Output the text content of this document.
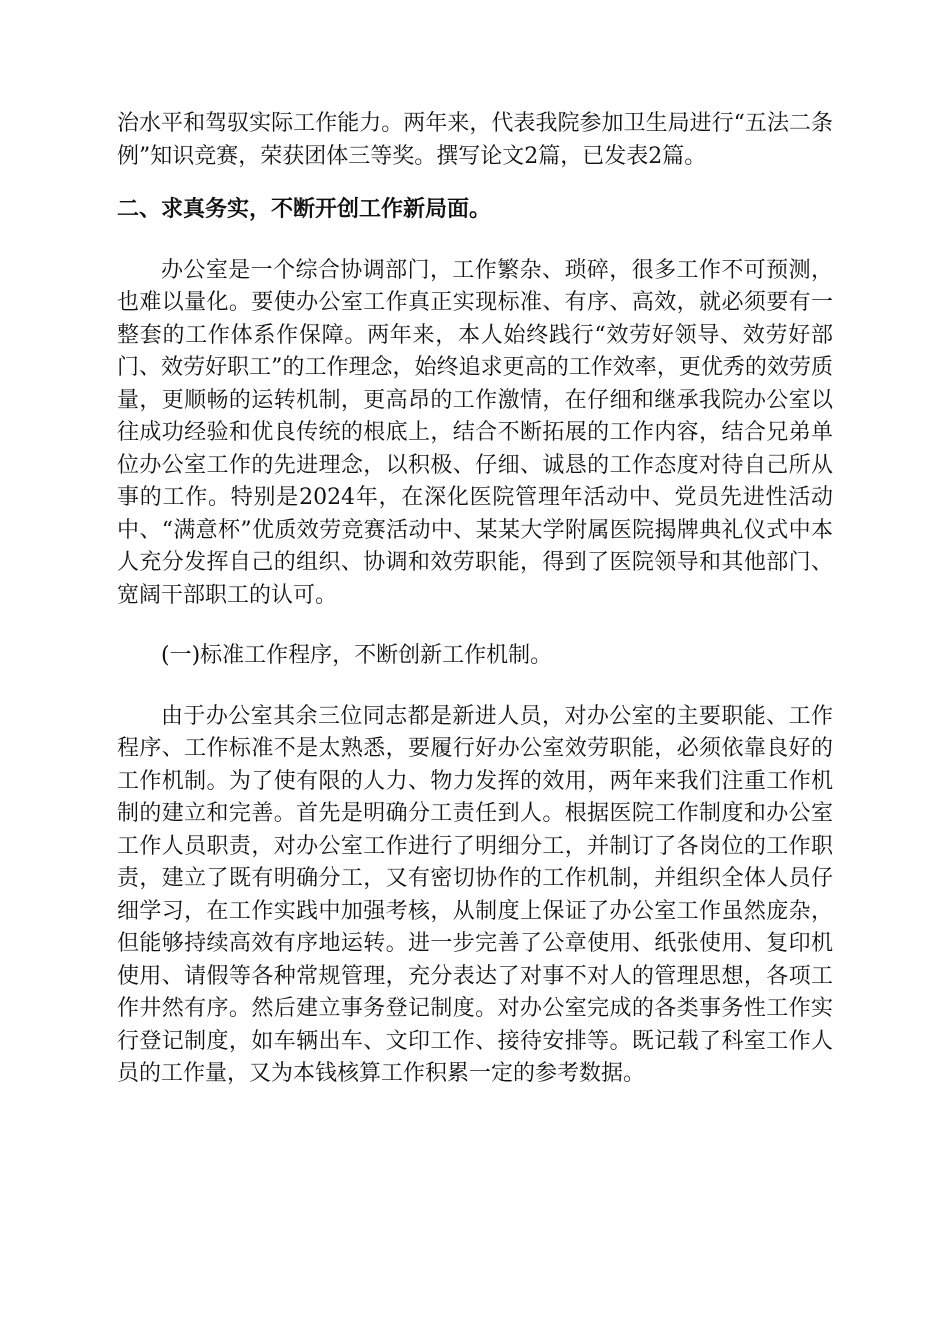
治水平和驾驭实际工作能力。两年来，代表我院参加卫生局进行“五法二条例”知识竞赛，荣获团体三等奖。撰写论文2篇，已发表2篇。

二、求真务实，不断开创工作新局面。

办公室是一个综合协调部门，工作繁杂、琐碎，很多工作不可预测，也难以量化。要使办公室工作真正实现标准、有序、高效，就必须要有一整套的工作体系作保障。两年来，本人始终践行“效劳好领导、效劳好部门、效劳好职工”的工作理念，始终追求更高的工作效率，更优秀的效劳质量，更顺畅的运转机制，更高昂的工作激情，在仔细和继承我院办公室以往成功经验和优良传统的根底上，结合不断拓展的工作内容，结合兄弟单位办公室工作的先进理念，以积极、仔细、诚恳的工作态度对待自己所从事的工作。特别是2024年，在深化医院管理年活动中、党员先进性活动中、“满意杯”优质效劳竞赛活动中、某某大学附属医院揭牌典礼仪式中本人充分发挥自己的组织、协调和效劳职能，得到了医院领导和其他部门、宽阔干部职工的认可。

(一)标准工作程序，不断创新工作机制。

由于办公室其余三位同志都是新进人员，对办公室的主要职能、工作程序、工作标准不是太熟悉，要履行好办公室效劳职能，必须依靠良好的工作机制。为了使有限的人力、物力发挥的效用，两年来我们注重工作机制的建立和完善。首先是明确分工责任到人。根据医院工作制度和办公室工作人员职责，对办公室工作进行了明细分工，并制订了各岗位的工作职责，建立了既有明确分工，又有密切协作的工作机制，并组织全体人员仔细学习，在工作实践中加强考核，从制度上保证了办公室工作虽然庞杂，但能够持续高效有序地运转。进一步完善了公章使用、纸张使用、复印机使用、请假等各种常规管理，充分表达了对事不对人的管理思想，各项工作井然有序。然后建立事务登记制度。对办公室完成的各类事务性工作实行登记制度，如车辆出车、文印工作、接待安排等。既记载了科室工作人员的工作量，又为本钱核算工作积累一定的参考数据。
